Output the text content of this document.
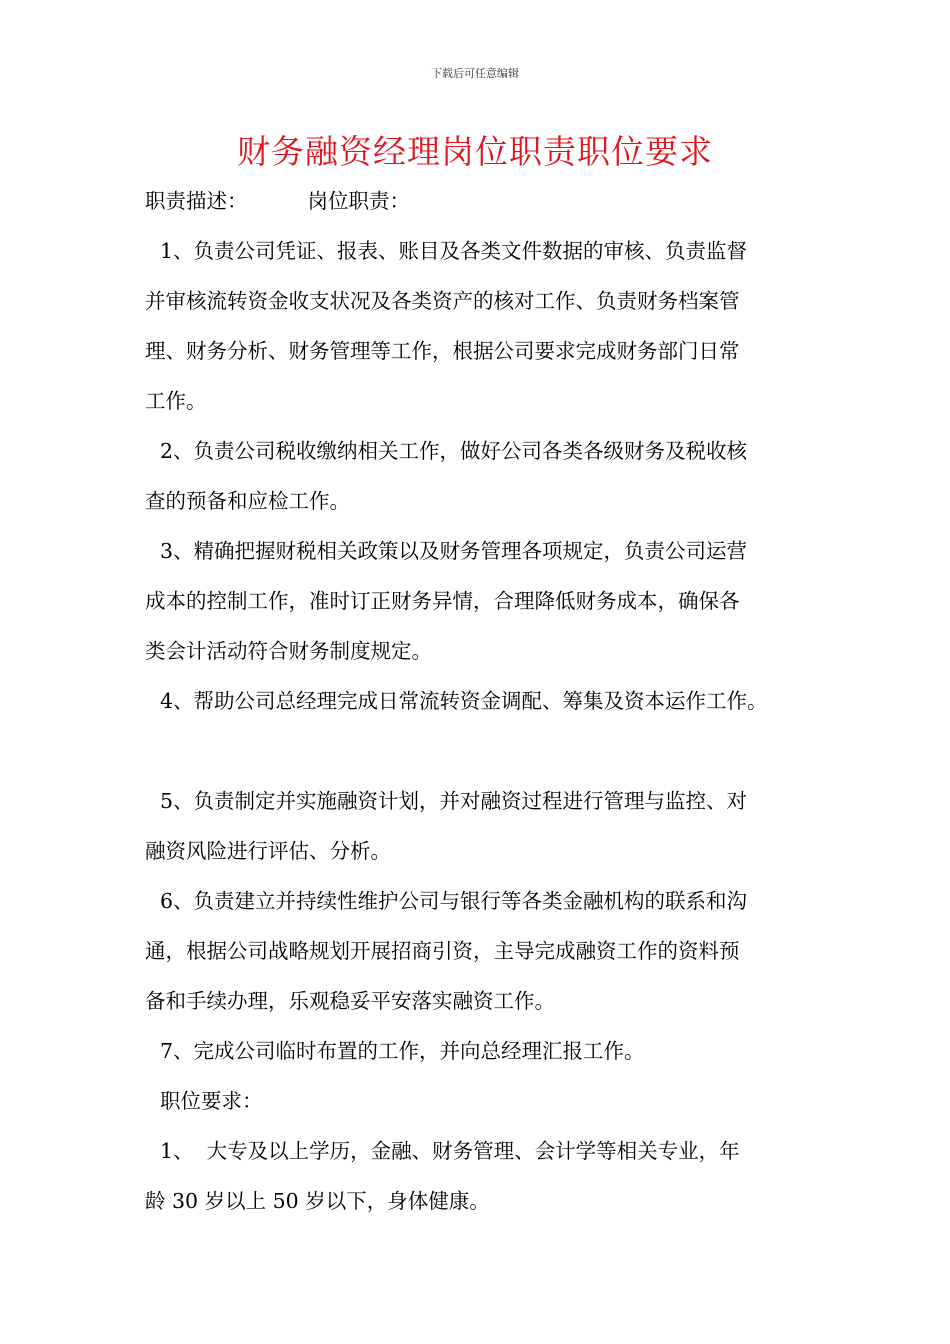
下载后可任意编辑
财务融资经理岗位职责职位要求
职责描述：	岗位职责：
1、负责公司凭证、报表、账目及各类文件数据的审核、负责监督
并审核流转资金收支状况及各类资产的核对工作、负责财务档案管
理、财务分析、财务管理等工作，根据公司要求完成财务部门日常
工作。
2、负责公司税收缴纳相关工作，做好公司各类各级财务及税收核
查的预备和应检工作。
3、精确把握财税相关政策以及财务管理各项规定，负责公司运营
成本的控制工作，准时订正财务异情，合理降低财务成本，确保各
类会计活动符合财务制度规定。
4、帮助公司总经理完成日常流转资金调配、筹集及资本运作工作。
5、负责制定并实施融资计划，并对融资过程进行管理与监控、对
融资风险进行评估、分析。
6、负责建立并持续性维护公司与银行等各类金融机构的联系和沟
通，根据公司战略规划开展招商引资，主导完成融资工作的资料预
备和手续办理，乐观稳妥平安落实融资工作。
7、完成公司临时布置的工作，并向总经理汇报工作。
职位要求：
1、  大专及以上学历，金融、财务管理、会计学等相关专业，年
龄 30 岁以上 50 岁以下，身体健康。
